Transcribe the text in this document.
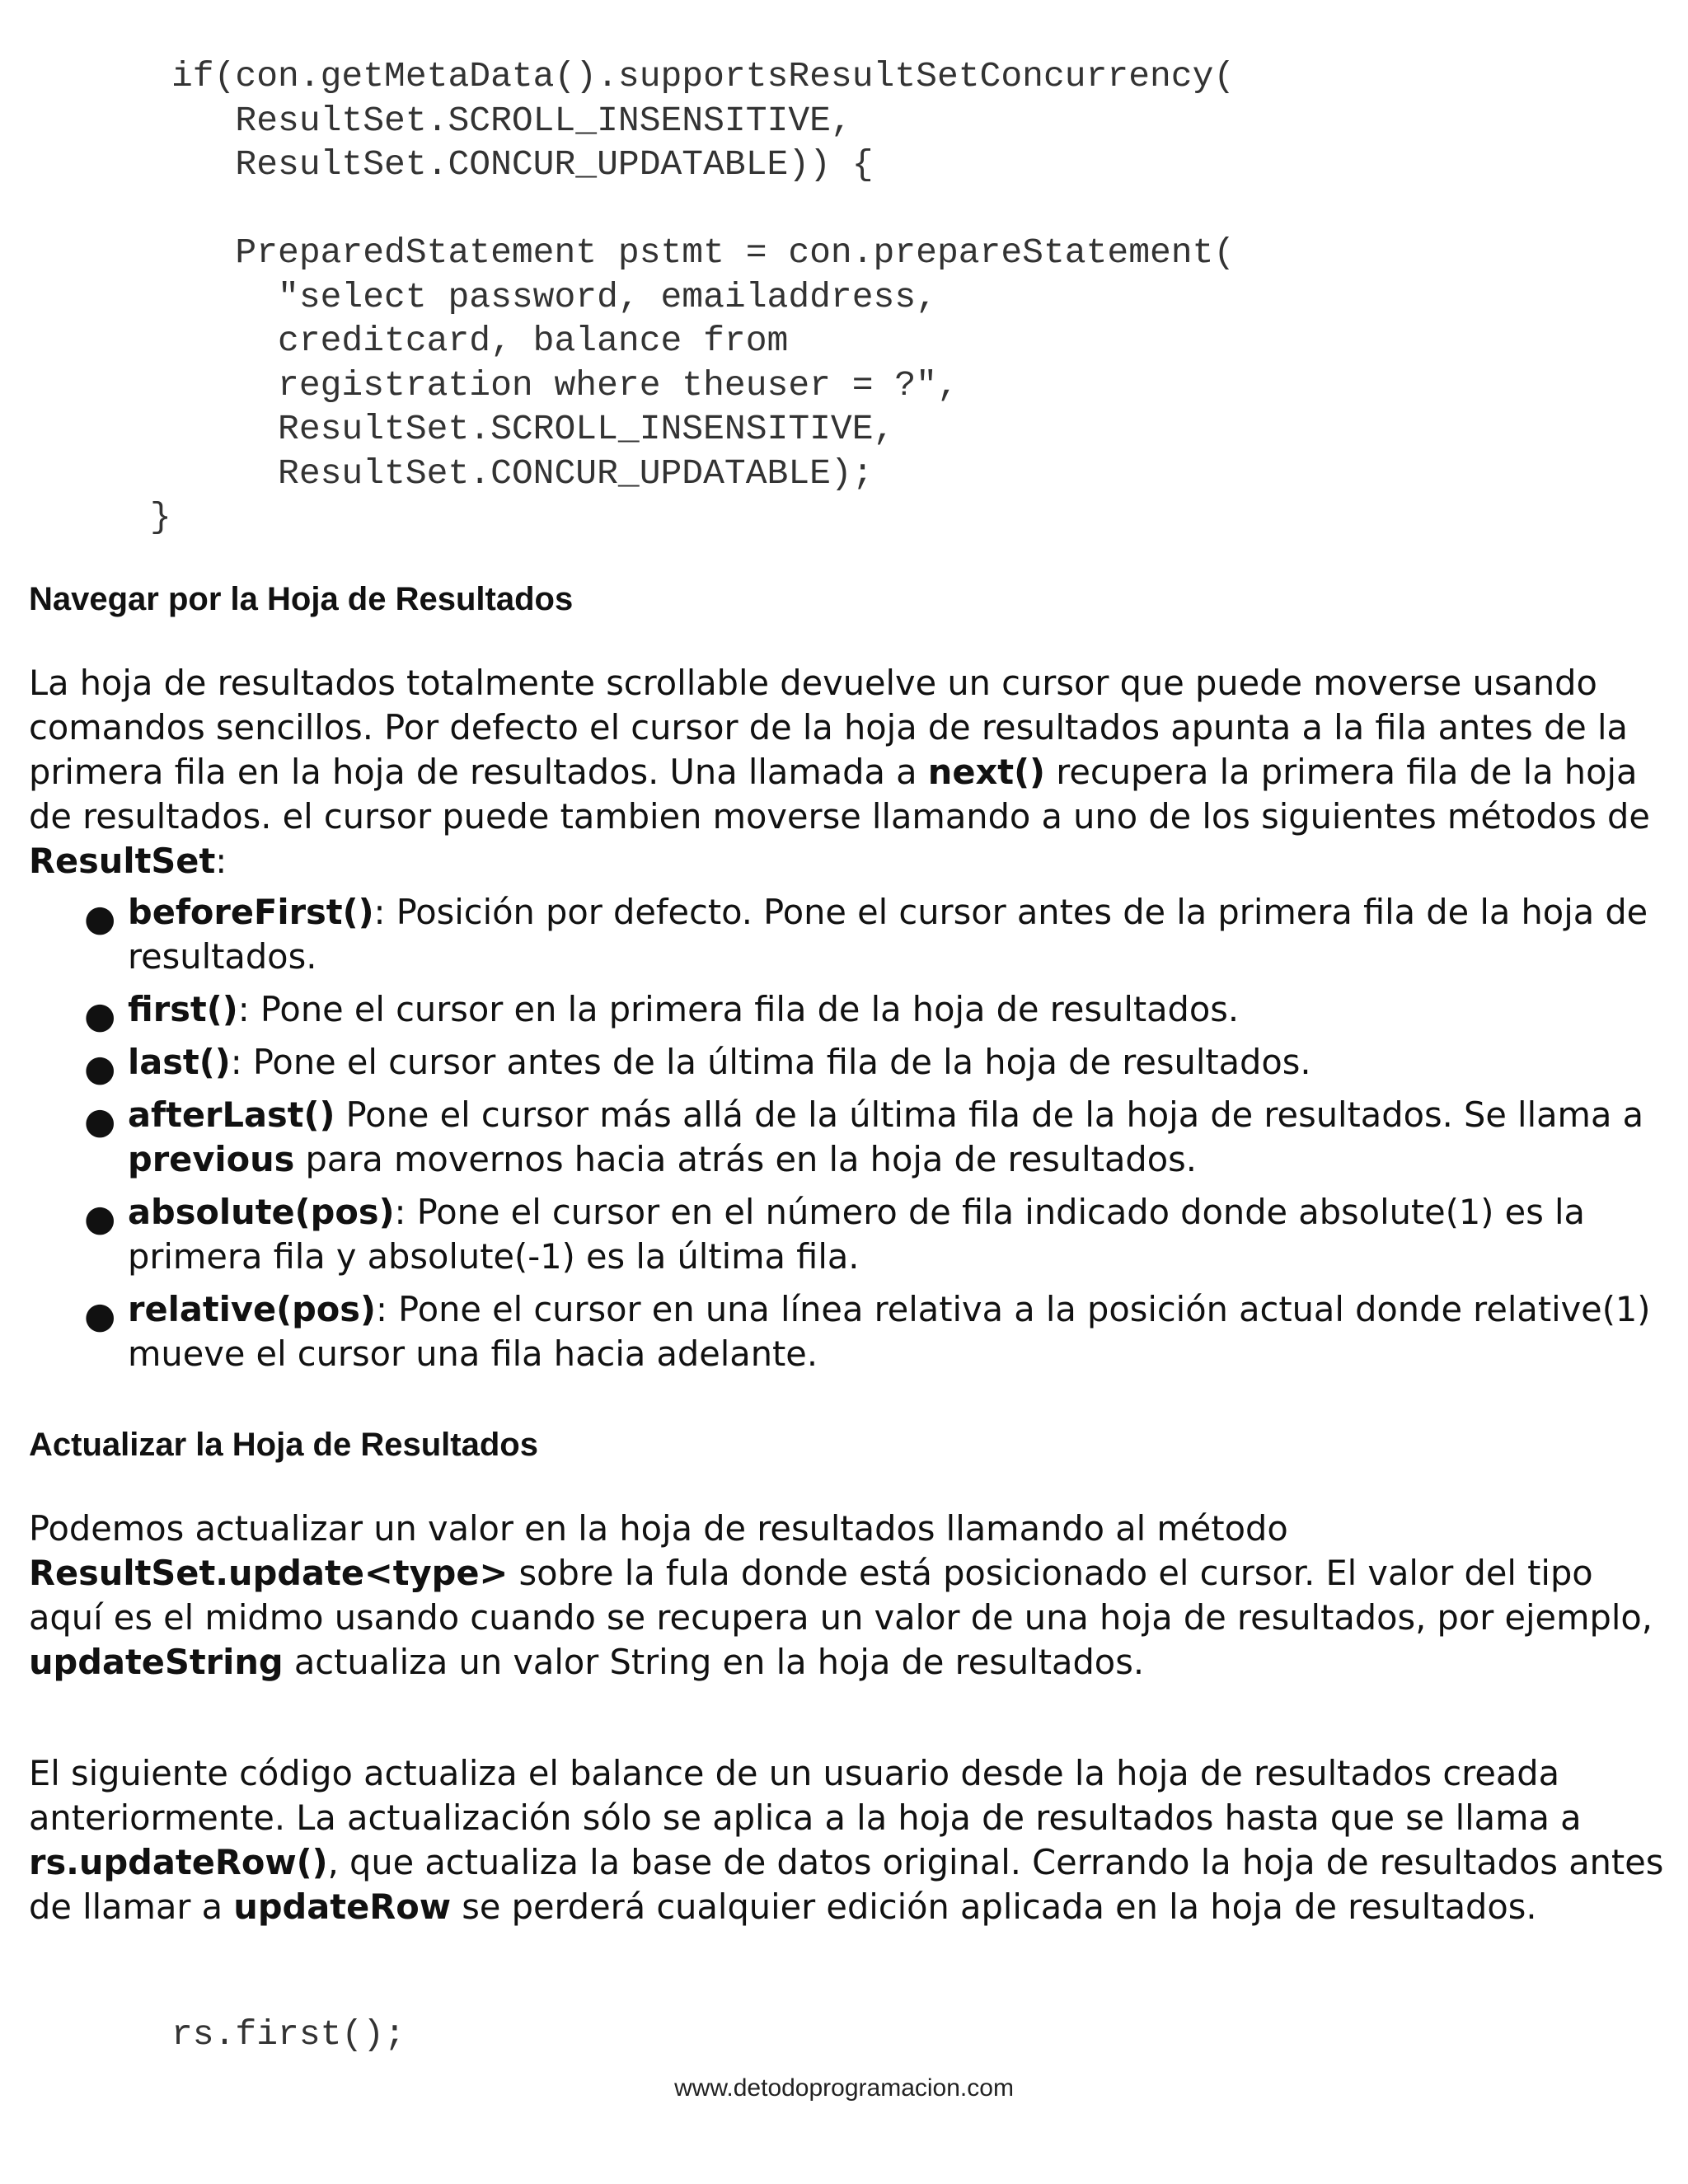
if(con.getMetaData().supportsResultSetConcurrency(
ResultSet.SCROLL_INSENSITIVE,
ResultSet.CONCUR_UPDATABLE)) {

PreparedStatement pstmt = con.prepareStatement(
"select password, emailaddress,
creditcard, balance from
registration where theuser = ?",
ResultSet.SCROLL_INSENSITIVE,
ResultSet.CONCUR_UPDATABLE);
}
Navegar por la Hoja de Resultados

La hoja de resultados totalmente scrollable devuelve un cursor que puede moverse usando comandos sencillos. Por defecto el cursor de la hoja de resultados apunta a la fila antes de la primera fila en la hoja de resultados. Una llamada a next() recupera la primera fila de la hoja de resultados. el cursor puede tambien moverse llamando a uno de los siguientes métodos de ResultSet:

● beforeFirst(): Posición por defecto. Pone el cursor antes de la primera fila de la hoja de resultados.
● first(): Pone el cursor en la primera fila de la hoja de resultados.
● last(): Pone el cursor antes de la última fila de la hoja de resultados.
● afterLast() Pone el cursor más allá de la última fila de la hoja de resultados. Se llama a previous para movernos hacia atrás en la hoja de resultados.
● absolute(pos): Pone el cursor en el número de fila indicado donde absolute(1) es la primera fila y absolute(-1) es la última fila.
● relative(pos): Pone el cursor en una línea relativa a la posición actual donde relative(1) mueve el cursor una fila hacia adelante.
Actualizar la Hoja de Resultados

Podemos actualizar un valor en la hoja de resultados llamando al método ResultSet.update<type> sobre la fula donde está posicionado el cursor. El valor del tipo aquí es el midmo usando cuando se recupera un valor de una hoja de resultados, por ejemplo, updateString actualiza un valor String en la hoja de resultados.

El siguiente código actualiza el balance de un usuario desde la hoja de resultados creada anteriormente. La actualización sólo se aplica a la hoja de resultados hasta que se llama a rs.updateRow(), que actualiza la base de datos original. Cerrando la hoja de resultados antes de llamar a updateRow se perderá cualquier edición aplicada en la hoja de resultados.

rs.first();

www.detodoprogramacion.com
